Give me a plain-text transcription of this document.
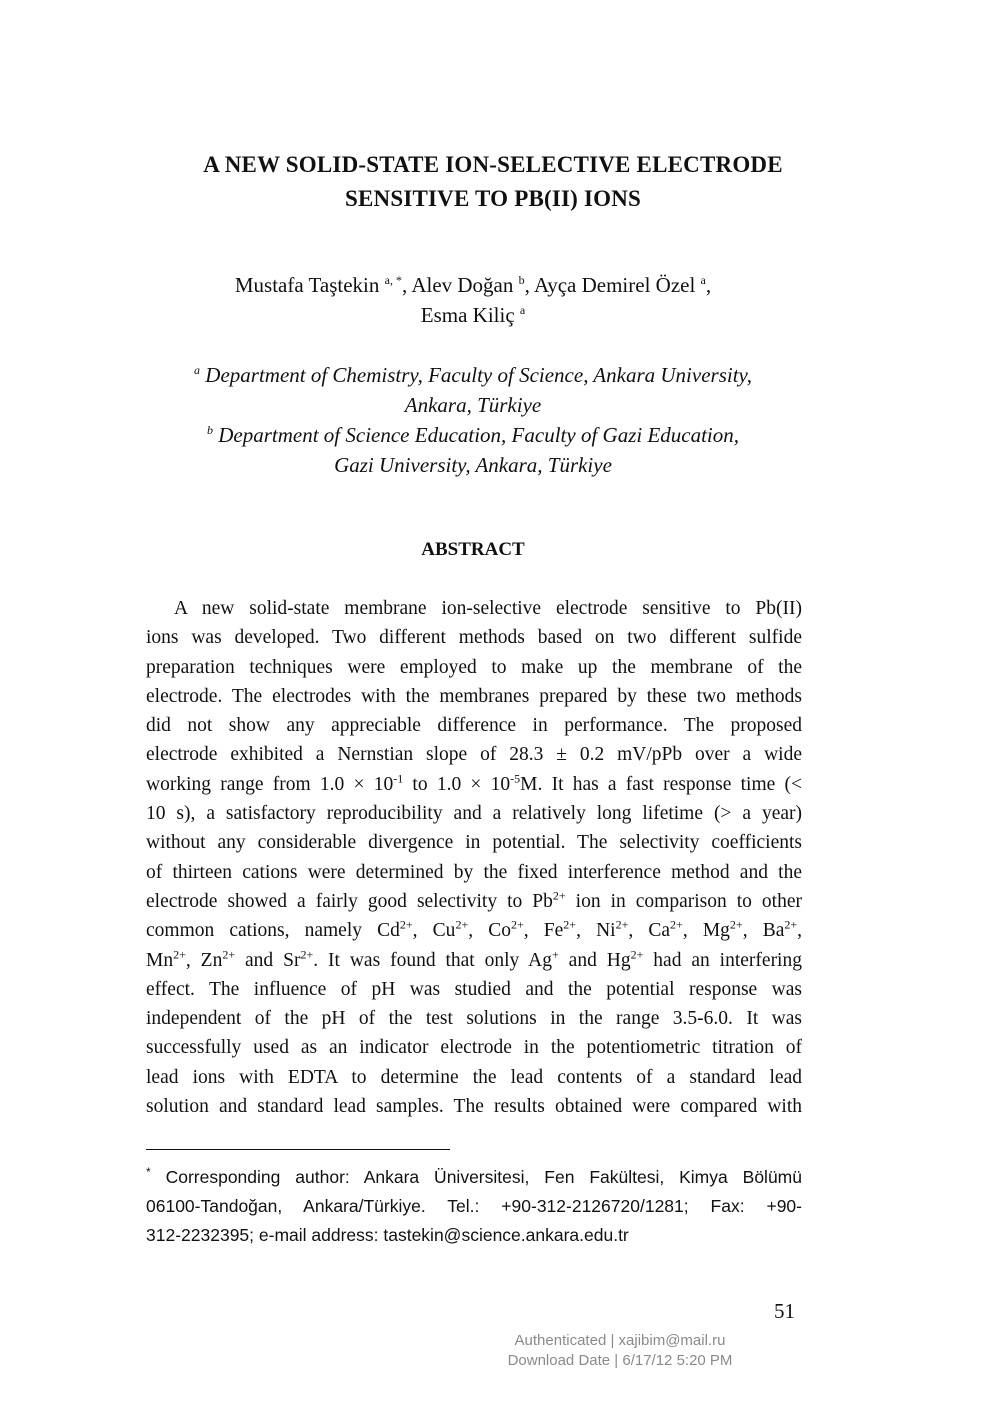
A NEW SOLID-STATE ION-SELECTIVE ELECTRODE
SENSITIVE TO PB(II) IONS
Mustafa Taştekin $^{a, *}$, Alev Doğan $^b$, Ayça Demirel Özel $^a$,
Esma Kiliç $^a$
$^a$ Department of Chemistry, Faculty of Science, Ankara University,
Ankara, Türkiye
$^b$ Department of Science Education, Faculty of Gazi Education,
Gazi University, Ankara, Türkiye
ABSTRACT
A new solid-state membrane ion-selective electrode sensitive to Pb(II)
ions was developed. Two different methods based on two different sulfide
preparation techniques were employed to make up the membrane of the
electrode. The electrodes with the membranes prepared by these two methods
did not show any appreciable difference in performance. The proposed
electrode exhibited a Nernstian slope of 28.3 ± 0.2 mV/pPb over a wide
working range from $1.0 \times 10^{-1}$ to $1.0 \times 10^{-5}M$. It has a fast response time (<
10 s), a satisfactory reproducibility and a relatively long lifetime (> a year)
without any considerable divergence in potential. The selectivity coefficients
of thirteen cations were determined by the fixed interference method and the
electrode showed a fairly good selectivity to $Pb^{2+}$ ion in comparison to other
common cations, namely $Cd^{2+}$, $Cu^{2+}$, $Co^{2+}$, $Fe^{2+}$, $Ni^{2+}$, $Ca^{2+}$, $Mg^{2+}$, $Ba^{2+}$,
$Mn^{2+}$, $Zn^{2+}$ and $Sr^{2+}$. It was found that only Ag+ and $Hg^{2+}$ had an interfering
effect. The influence of pH was studied and the potential response was
independent of the pH of the test solutions in the range 3.5-6.0. It was
successfully used as an indicator electrode in the potentiometric titration of
lead ions with EDTA to determine the lead contents of a standard lead
solution and standard lead samples. The results obtained were compared with
* Corresponding author: Ankara Üniversitesi, Fen Fakültesi, Kimya Bölümü
06100-Tandoğan, Ankara/Türkiye. Tel.: +90-312-2126720/1281; Fax: +90-
312-2232395; e-mail address: tastekin@science.ankara.edu.tr
51
Authenticated | xajibim@mail.ru
Download Date | 6/17/12 5:20 PM
